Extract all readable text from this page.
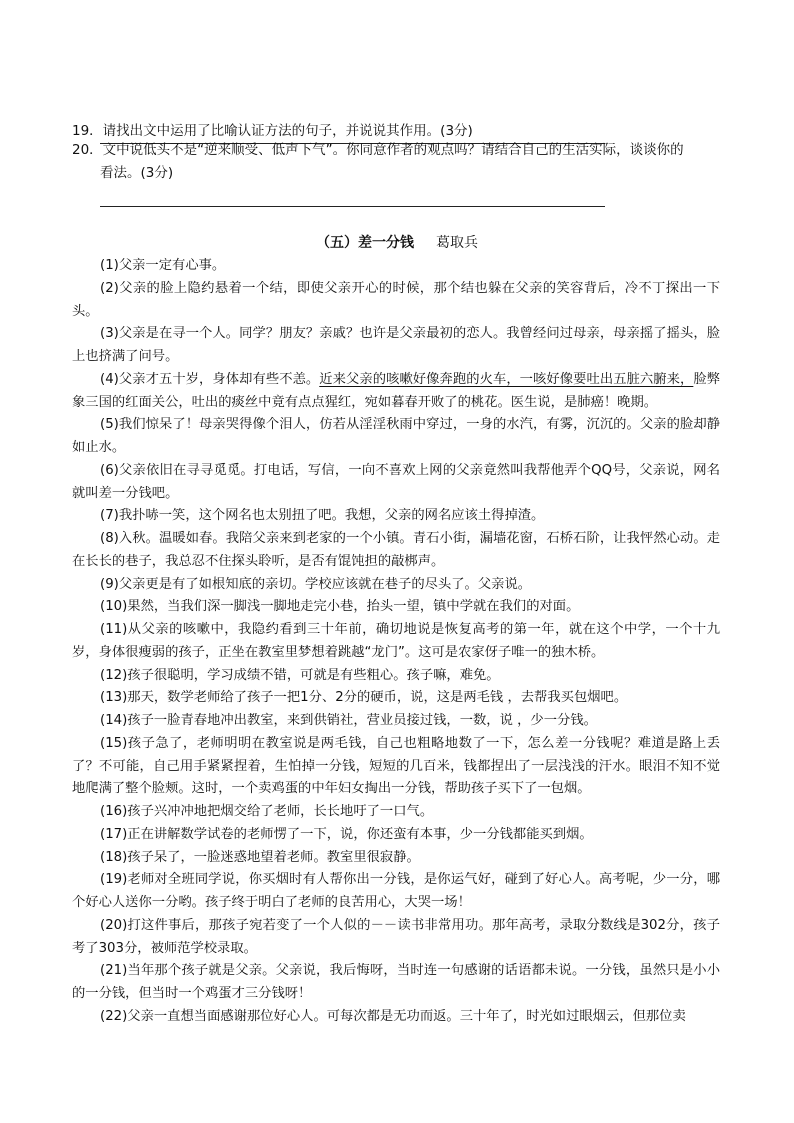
19．请找出文中运用了比喻认证方法的句子，并说说其作用。(3分)
20．文中说低头不是“逆来顺受、低声下气”。你同意作者的观点吗？请结合自己的生活实际，谈谈你的
看法。(3分)
（五）差一分钱 葛取兵

(1)父亲一定有心事。

(2)父亲的脸上隐约悬着一个结，即使父亲开心的时候，那个结也躲在父亲的笑容背后，冷不丁探出一下头。

(3)父亲是在寻一个人。同学？朋友？亲戚？也许是父亲最初的恋人。我曾经问过母亲，母亲摇了摇头，脸上也挤满了问号。

(4)父亲才五十岁，身体却有些不恙。近来父亲的咳嗽好像奔跑的火车，一咳好像要吐出五脏六腑来，脸弊象三国的红面关公，吐出的痰丝中竟有点点猩红，宛如暮春开败了的桃花。医生说，是肺癌！晚期。

(5)我们惊呆了！母亲哭得像个泪人，仿若从淫淫秋雨中穿过，一身的水汽，有雾，沉沉的。父亲的脸却静如止水。

(6)父亲依旧在寻寻觅觅。打电话，写信，一向不喜欢上网的父亲竟然叫我帮他弄个QQ号，父亲说，网名就叫差一分钱吧。

(7)我扑哧一笑，这个网名也太别扭了吧。我想，父亲的网名应该土得掉渣。

(8)入秋。温暖如春。我陪父亲来到老家的一个小镇。青石小街，漏墙花窗，石桥石阶，让我怦然心动。走在长长的巷子，我总忍不住探头聆听，是否有馄饨担的敲梆声。

(9)父亲更是有了如根知底的亲切。学校应该就在巷子的尽头了。父亲说。

(10)果然，当我们深一脚浅一脚地走完小巷，抬头一望，镇中学就在我们的对面。

(11)从父亲的咳嗽中，我隐约看到三十年前，确切地说是恢复高考的第一年，就在这个中学，一个十九岁，身体很瘦弱的孩子，正坐在教室里梦想着跳越“龙门”。这可是农家伢子唯一的独木桥。

(12)孩子很聪明，学习成绩不错，可就是有些粗心。孩子嘛，难免。

(13)那天，数学老师给了孩子一把1分、2分的硬币，说，这是两毛钱 ，去帮我买包烟吧。

(14)孩子一脸青春地冲出教室，来到供销社，营业员接过钱，一数，说 ，少一分钱。

(15)孩子急了，老师明明在教室说是两毛钱，自己也粗略地数了一下，怎么差一分钱呢？难道是路上丢了？不可能，自己用手紧紧捏着，生怕掉一分钱，短短的几百米，钱都捏出了一层浅浅的汗水。眼泪不知不觉地爬满了整个脸颊。这时，一个卖鸡蛋的中年妇女掏出一分钱，帮助孩子买下了一包烟。

(16)孩子兴冲冲地把烟交给了老师，长长地吁了一口气。

(17)正在讲解数学试卷的老师愣了一下，说，你还蛮有本事，少一分钱都能买到烟。

(18)孩子呆了，一脸迷惑地望着老师。教室里很寂静。

(19)老师对全班同学说，你买烟时有人帮你出一分钱，是你运气好，碰到了好心人。高考呢，少一分，哪个好心人送你一分哟。孩子终于明白了老师的良苦用心，大哭一场！

(20)打这件事后，那孩子宛若变了一个人似的－－读书非常用功。那年高考，录取分数线是302分，孩子考了303分，被师范学校录取。

(21)当年那个孩子就是父亲。父亲说，我后悔呀，当时连一句感谢的话语都未说。一分钱，虽然只是小小的一分钱，但当时一个鸡蛋才三分钱呀！

(22)父亲一直想当面感谢那位好心人。可每次都是无功而返。三十年了，时光如过眼烟云，但那位卖
